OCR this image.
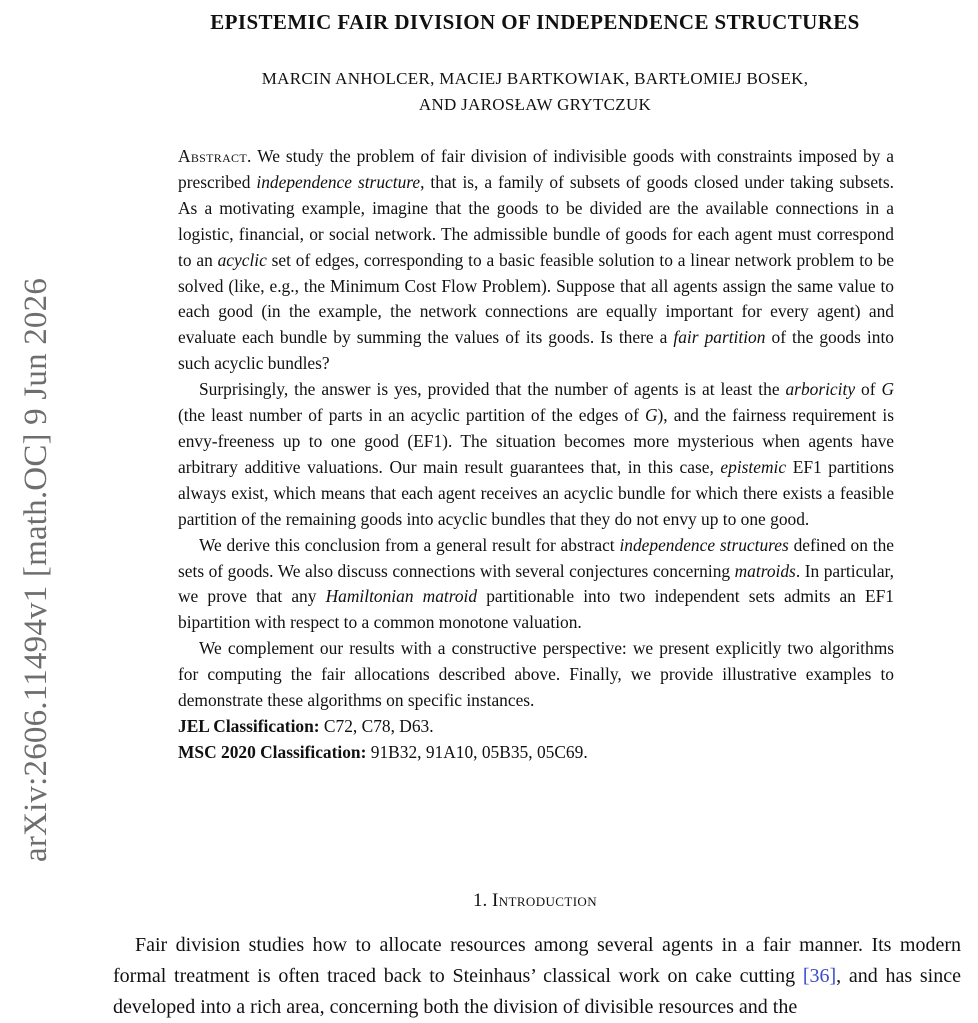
arXiv:2606.11494v1 [math.OC] 9 Jun 2026
EPISTEMIC FAIR DIVISION OF INDEPENDENCE STRUCTURES
MARCIN ANHOLCER, MACIEJ BARTKOWIAK, BARTŁOMIEJ BOSEK,
AND JAROSŁAW GRYTCZUK

Abstract. We study the problem of fair division of indivisible goods with constraints imposed by a prescribed independence structure, that is, a family of subsets of goods closed under taking subsets. As a motivating example, imagine that the goods to be divided are the available connections in a logistic, financial, or social network. The admissible bundle of goods for each agent must correspond to an acyclic set of edges, corresponding to a basic feasible solution to a linear network problem to be solved (like, e.g., the Minimum Cost Flow Problem). Suppose that all agents assign the same value to each good (in the example, the network connections are equally important for every agent) and evaluate each bundle by summing the values of its goods. Is there a fair partition of the goods into such acyclic bundles?

Surprisingly, the answer is yes, provided that the number of agents is at least the arboricity of G (the least number of parts in an acyclic partition of the edges of G), and the fairness requirement is envy-freeness up to one good (EF1). The situation becomes more mysterious when agents have arbitrary additive valuations. Our main result guarantees that, in this case, epistemic EF1 partitions always exist, which means that each agent receives an acyclic bundle for which there exists a feasible partition of the remaining goods into acyclic bundles that they do not envy up to one good.

We derive this conclusion from a general result for abstract independence structures defined on the sets of goods. We also discuss connections with several conjectures concerning matroids. In particular, we prove that any Hamiltonian matroid partitionable into two independent sets admits an EF1 bipartition with respect to a common monotone valuation.

We complement our results with a constructive perspective: we present explicitly two algorithms for computing the fair allocations described above. Finally, we provide illustrative examples to demonstrate these algorithms on specific instances.

JEL Classification: C72, C78, D63.

MSC 2020 Classification: 91B32, 91A10, 05B35, 05C69.

1. Introduction

Fair division studies how to allocate resources among several agents in a fair manner. Its modern formal treatment is often traced back to Steinhaus’ classical work on cake cutting [36], and has since developed into a rich area, concerning both the division of divisible resources and the
